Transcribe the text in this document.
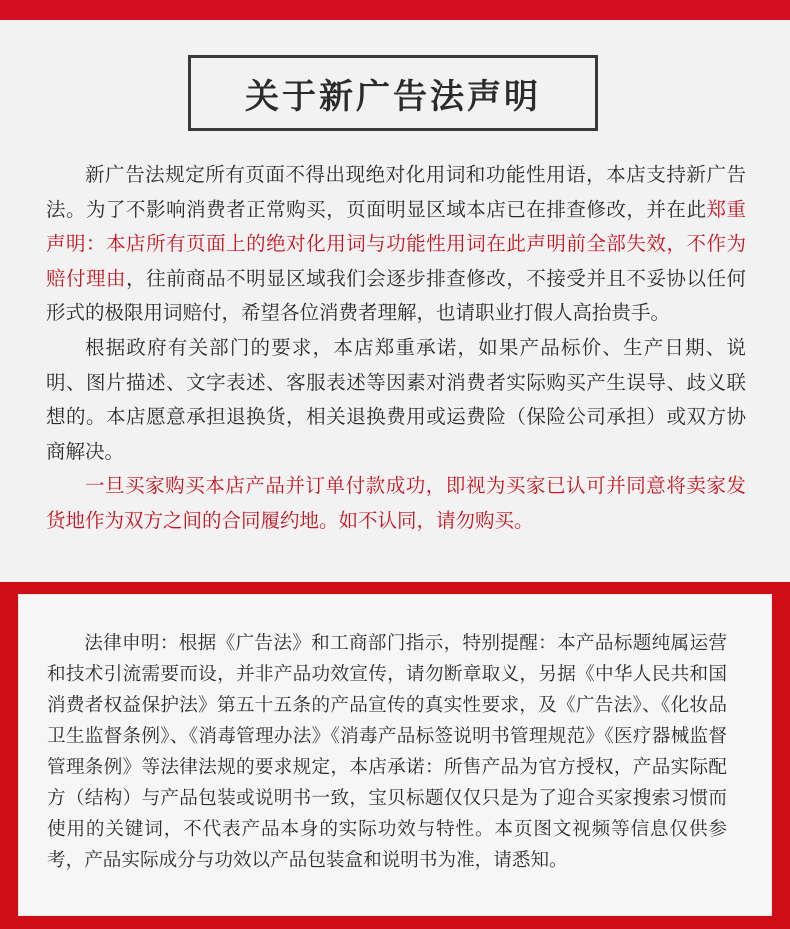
关于新广告法声明

新广告法规定所有页面不得出现绝对化用词和功能性用语，本店支持新广告法。为了不影响消费者正常购买，页面明显区域本店已在排查修改，并在此郑重声明：本店所有页面上的绝对化用词与功能性用词在此声明前全部失效，不作为赔付理由，往前商品不明显区域我们会逐步排查修改，不接受并且不妥协以任何形式的极限用词赔付，希望各位消费者理解，也请职业打假人高抬贵手。

根据政府有关部门的要求，本店郑重承诺，如果产品标价、生产日期、说明、图片描述、文字表述、客服表述等因素对消费者实际购买产生误导、歧义联想的。本店愿意承担退换货，相关退换费用或运费险（保险公司承担）或双方协商解决。

一旦买家购买本店产品并订单付款成功，即视为买家已认可并同意将卖家发货地作为双方之间的合同履约地。如不认同，请勿购买。

法律申明：根据《广告法》和工商部门指示，特别提醒：本产品标题纯属运营和技术引流需要而设，并非产品功效宣传，请勿断章取义，另据《中华人民共和国消费者权益保护法》第五十五条的产品宣传的真实性要求，及《广告法》、《化妆品卫生监督条例》、《消毒管理办法》《消毒产品标签说明书管理规范》《医疗器械监督管理条例》等法律法规的要求规定，本店承诺：所售产品为官方授权，产品实际配方（结构）与产品包装或说明书一致，宝贝标题仅仅只是为了迎合买家搜索习惯而使用的关键词，不代表产品本身的实际功效与特性。本页图文视频等信息仅供参考，产品实际成分与功效以产品包装盒和说明书为准，请悉知。
